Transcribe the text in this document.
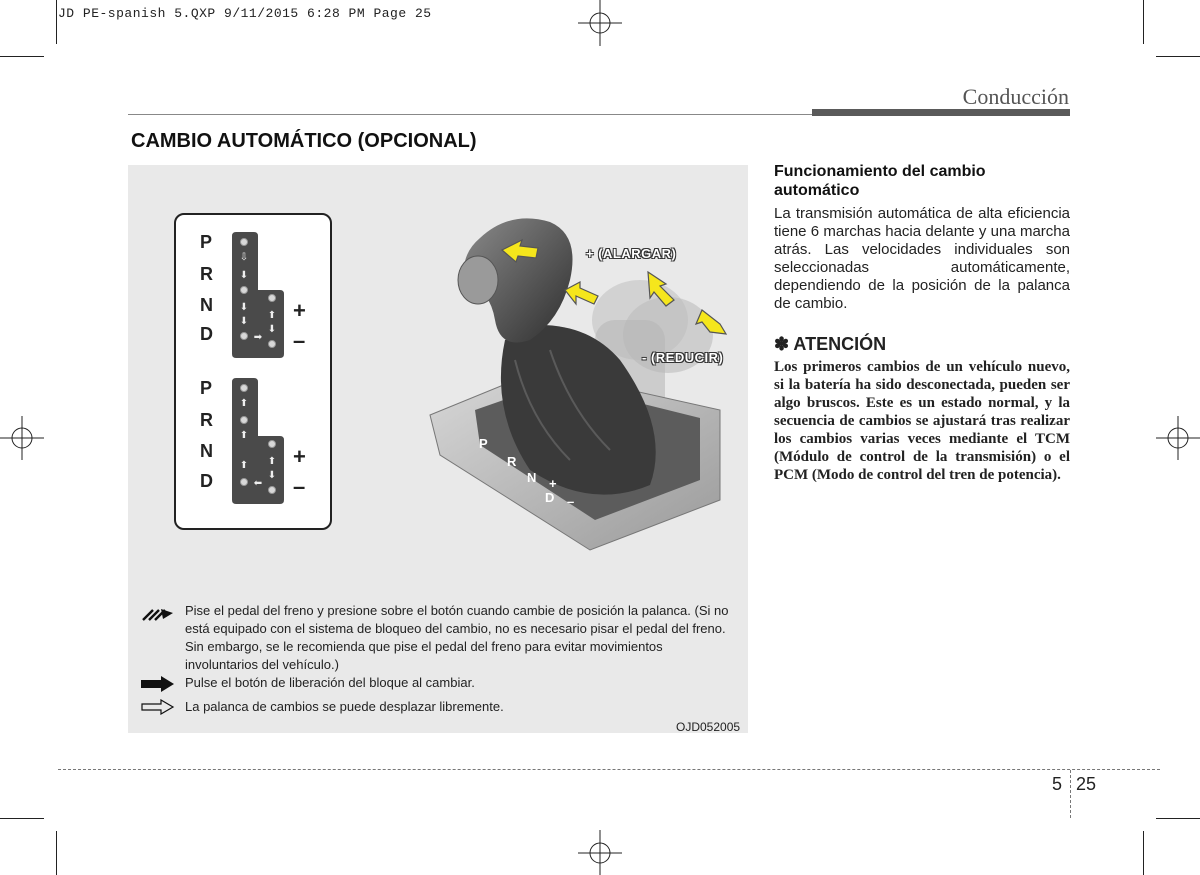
JD PE-spanish 5.QXP 9/11/2015 6:28 PM Page 25
Conducción
CAMBIO AUTOMÁTICO (OPCIONAL)
P
R
N
D
+
–
⇩
⬇
⬇
⬇
➡
⬆
⬇
P
R
N
D
+
–
⬆
⬆
⬆
⬅
⬆
⬇
P
R
N
D
+
–
+ (ALARGAR)
- (REDUCIR)
Pise el pedal del freno y presione sobre el botón cuando cambie de posición la palanca. (Si no está equipado con el sistema de bloqueo del cambio, no es necesario pisar el pedal del freno. Sin embargo, se le recomienda que pise el pedal del freno para evitar movimientos involuntarios del vehículo.)
Pulse el botón de liberación del bloque al cambiar.
La palanca de cambios se puede desplazar libremente.
OJD052005
Funcionamiento del cambio automático
La transmisión automática de alta eficiencia tiene 6 marchas hacia delante y una marcha atrás. Las velocidades individuales son seleccionadas automáticamente, dependiendo de la posición de la palanca de cambio.
✽ ATENCIÓN
Los primeros cambios de un vehículo nuevo, si la batería ha sido desconectada, pueden ser algo bruscos. Este es un estado normal, y la secuencia de cambios se ajustará tras realizar los cambios varias veces mediante el TCM (Módulo de control de la transmisión) o el PCM (Modo de control del tren de potencia).
5 25
